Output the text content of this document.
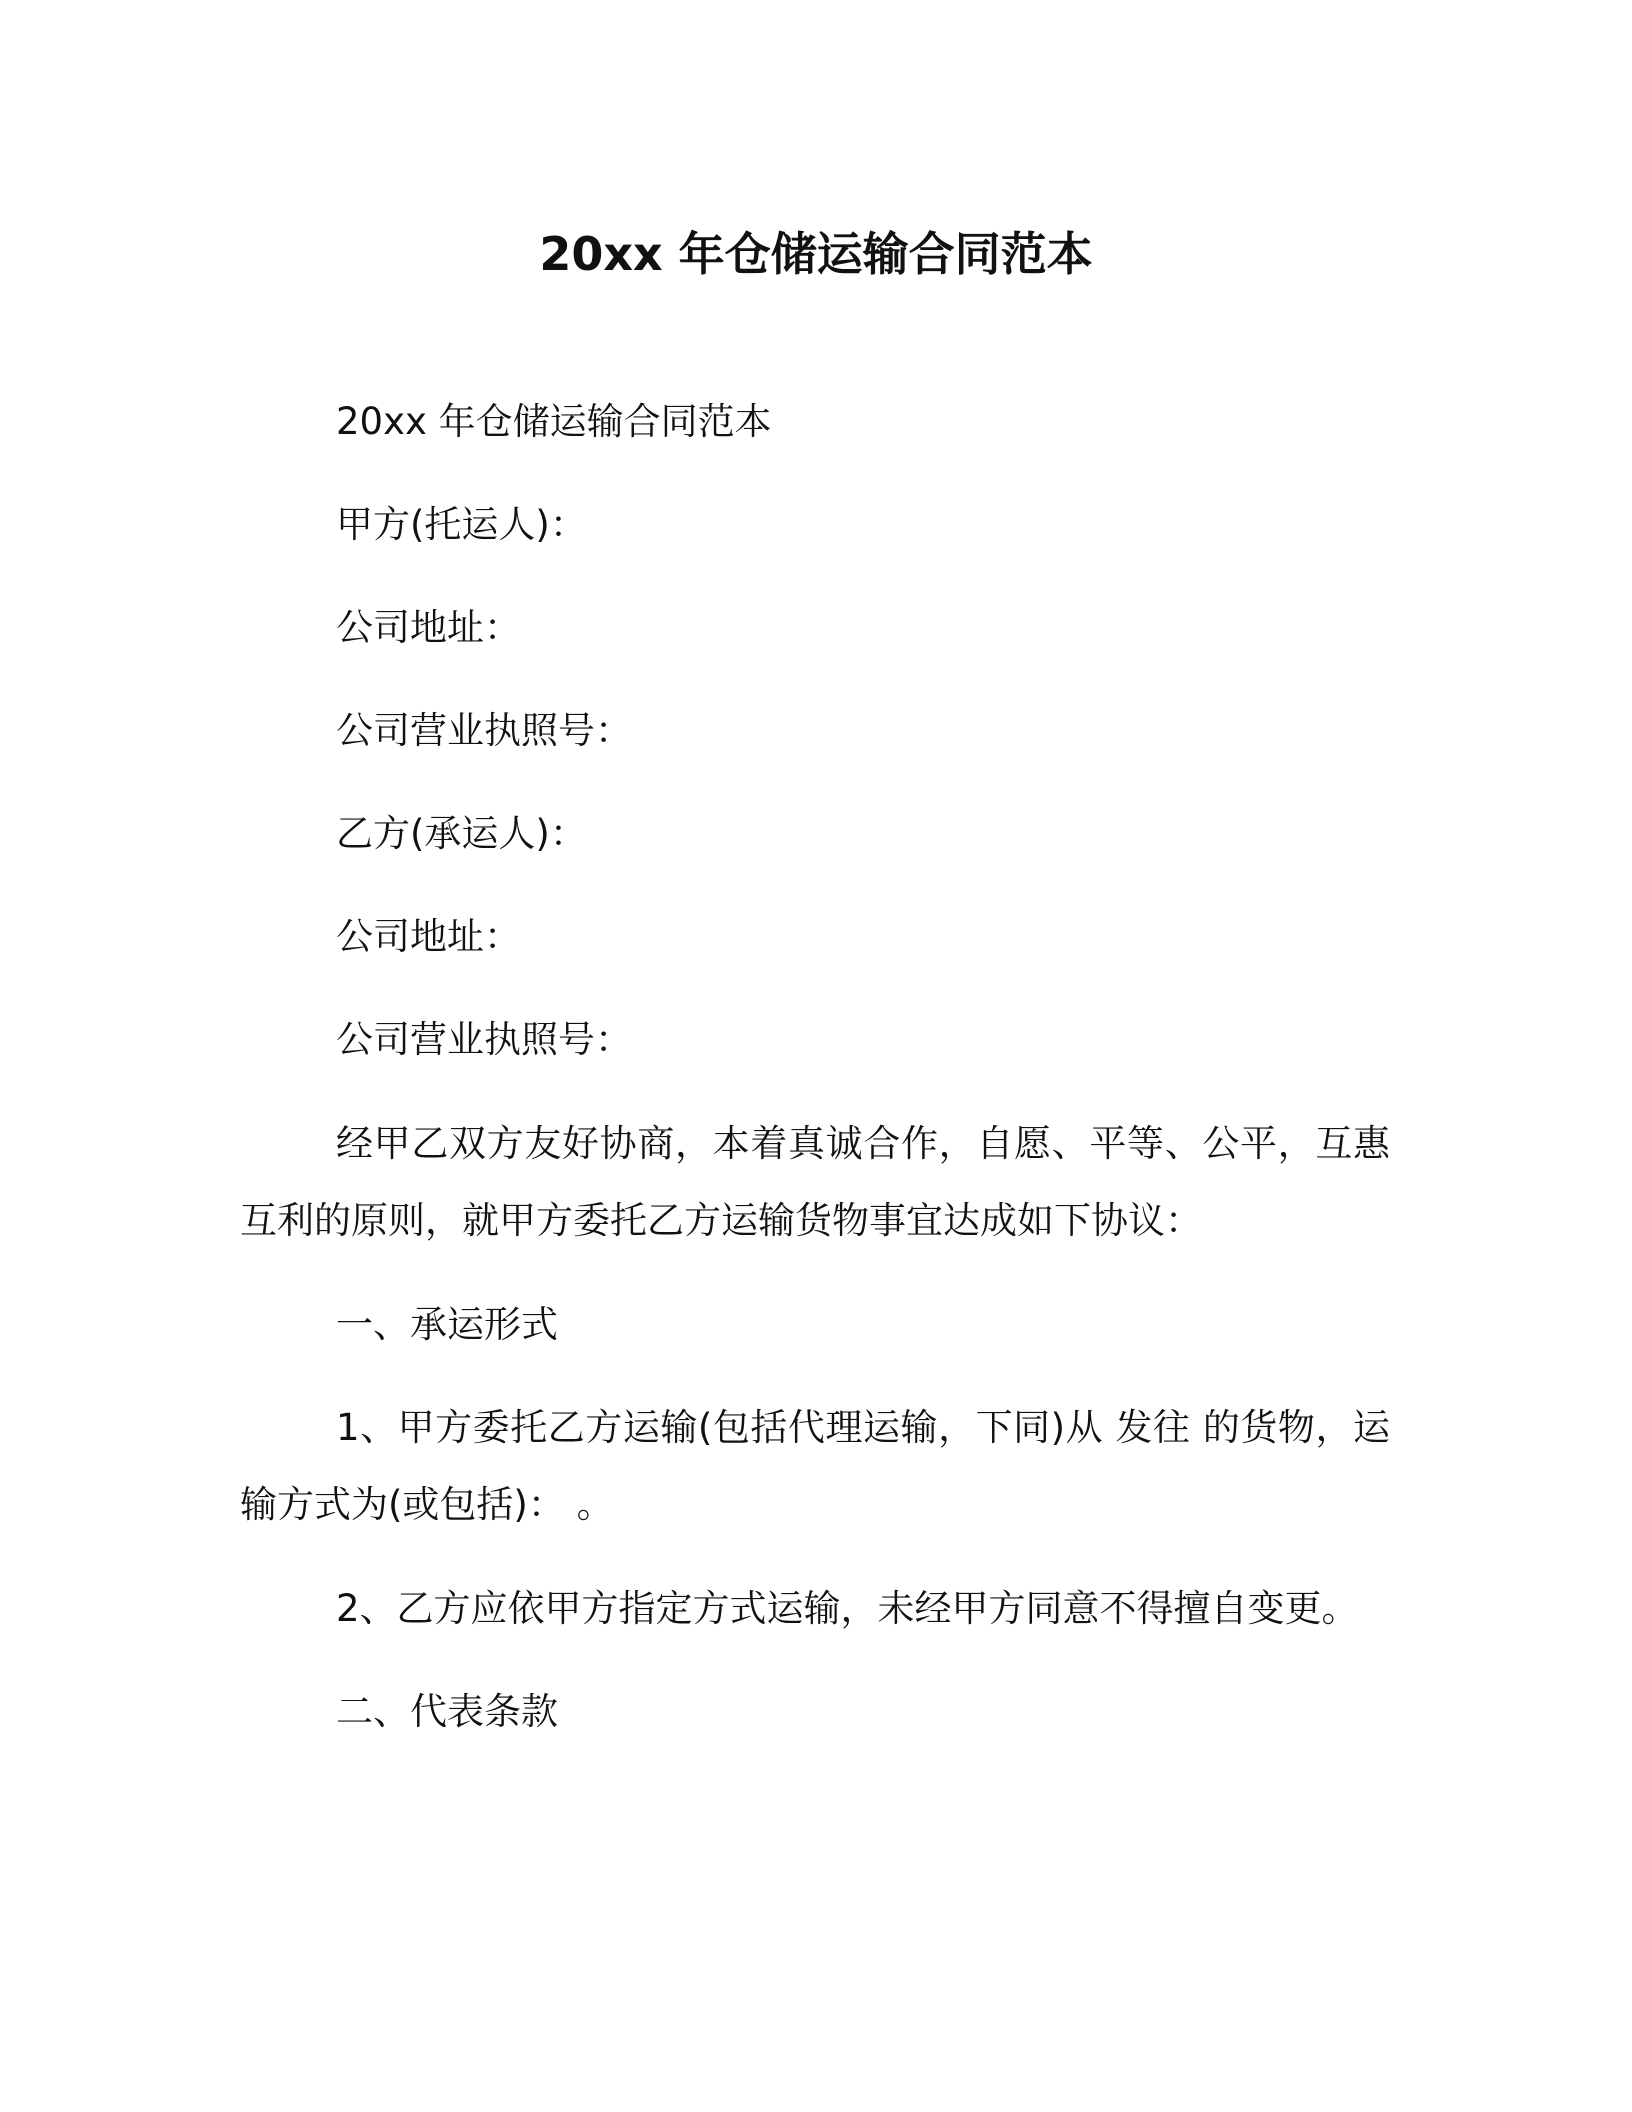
20xx 年仓储运输合同范本
20xx 年仓储运输合同范本
甲方(托运人)：
公司地址：
公司营业执照号：
乙方(承运人)：
公司地址：
公司营业执照号：
经甲乙双方友好协商，本着真诚合作，自愿、平等、公平，互惠互利的原则，就甲方委托乙方运输货物事宜达成如下协议：
一、承运形式
1、甲方委托乙方运输(包括代理运输，下同)从 发往 的货物，运输方式为(或包括)： 。
2、乙方应依甲方指定方式运输，未经甲方同意不得擅自变更。
二、代表条款
